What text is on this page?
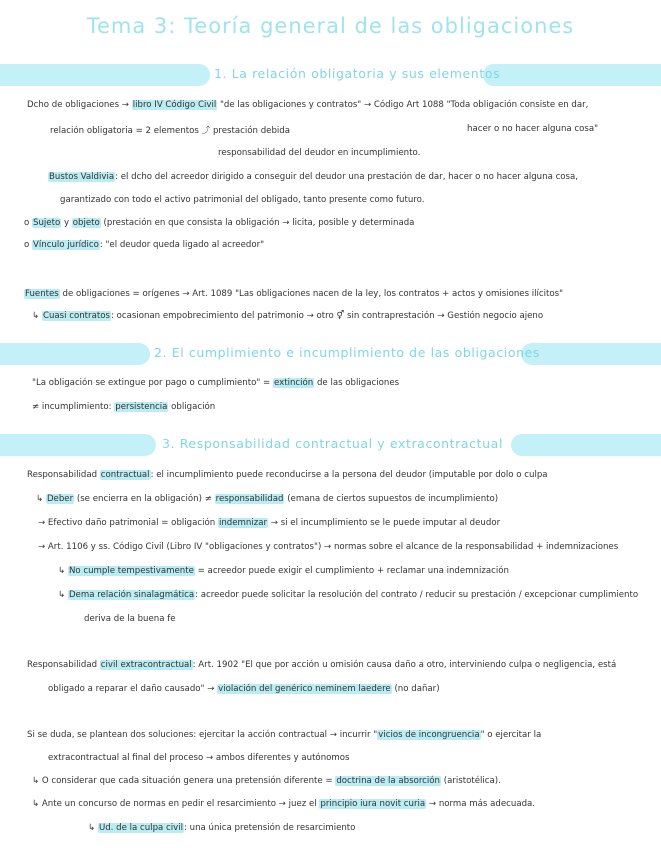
Tema 3: Teoría general de las obligaciones
1. La relación obligatoria y sus elementos
Dcho de obligaciones → libro IV Código Civil "de las obligaciones y contratos" → Código Art 1088 "Toda obligación consiste en dar,
relación obligatoria = 2 elementos ⤴ prestación debida	hacer o no hacer alguna cosa"
responsabilidad del deudor en incumplimiento.
Bustos Valdivia: el dcho del acreedor dirigido a conseguir del deudor una prestación de dar, hacer o no hacer alguna cosa,
garantizado con todo el activo patrimonial del obligado, tanto presente como futuro.
o Sujeto y objeto (prestación en que consista la obligación → licita, posible y determinada
o Vínculo jurídico: "el deudor queda ligado al acreedor"
Fuentes de obligaciones = orígenes → Art. 1089 "Las obligaciones nacen de la ley, los contratos + actos y omisiones ilícitos"
↳ Cuasi contratos: ocasionan empobrecimiento del patrimonio → otro ⚥ sin contraprestación → Gestión negocio ajeno
2. El cumplimiento e incumplimiento de las obligaciones
"La obligación se extingue por pago o cumplimiento" = extinción de las obligaciones
≠ incumplimiento: persistencia obligación
3. Responsabilidad contractual y extracontractual
Responsabilidad contractual: el incumplimiento puede reconducirse a la persona del deudor (imputable por dolo o culpa
↳ Deber (se encierra en la obligación) ≠ responsabilidad (emana de ciertos supuestos de incumplimiento)
→ Efectivo daño patrimonial = obligación indemnizar → si el incumplimiento se le puede imputar al deudor
→ Art. 1106 y ss. Código Civil (Libro IV "obligaciones y contratos") → normas sobre el alcance de la responsabilidad + indemnizaciones
↳ No cumple tempestivamente = acreedor puede exigir el cumplimiento + reclamar una indemnización
↳ Dema relación sinalagmática: acreedor puede solicitar la resolución del contrato / reducir su prestación / excepcionar cumplimiento
deriva de la buena fe
Responsabilidad civil extracontractual: Art. 1902 "El que por acción u omisión causa daño a otro, interviniendo culpa o negligencia, está
obligado a reparar el daño causado" → violación del genérico neminem laedere (no dañar)
Si se duda, se plantean dos soluciones: ejercitar la acción contractual → incurrir "vicios de incongruencia" o ejercitar la
extracontractual al final del proceso → ambos diferentes y autónomos
↳ O considerar que cada situación genera una pretensión diferente = doctrina de la absorción (aristotélica).
↳ Ante un concurso de normas en pedir el resarcimiento → juez el principio iura novit curia → norma más adecuada.
↳ Ud. de la culpa civil: una única pretensión de resarcimiento
